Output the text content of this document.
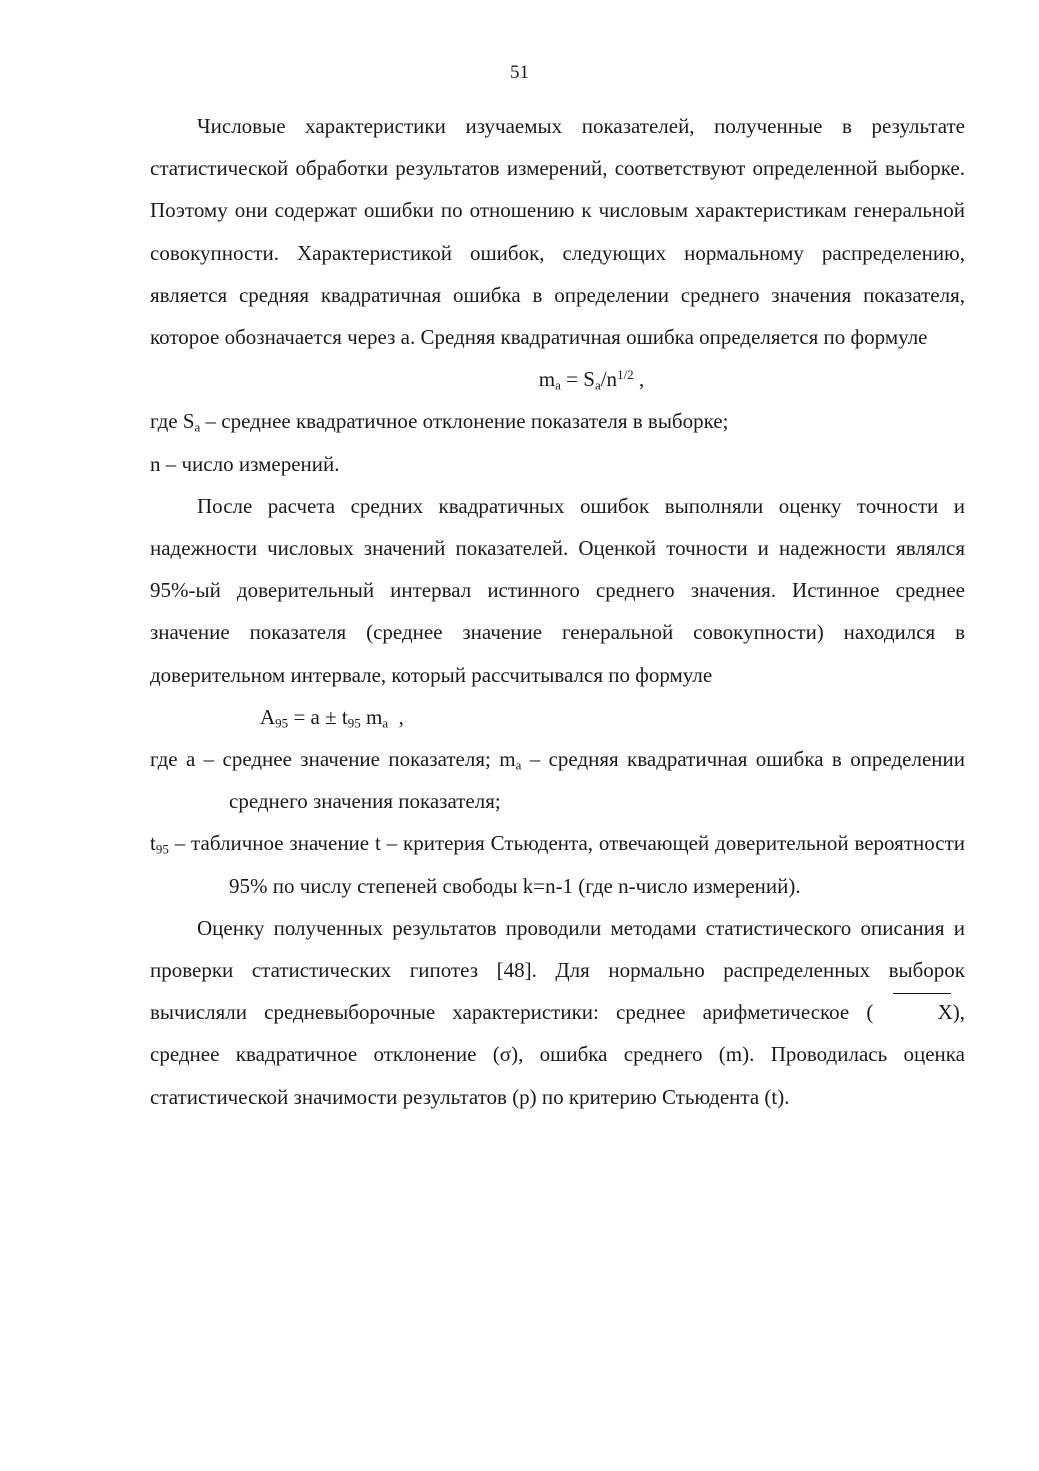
51

Числовые характеристики изучаемых показателей, полученные в результате статистической обработки результатов измерений, соответствуют определенной выборке. Поэтому они содержат ошибки по отношению к числовым характеристикам генеральной совокупности. Характеристикой ошибок, следующих нормальному распределению, является средняя квадратичная ошибка в определении среднего значения показателя, которое обозначается через а. Средняя квадратичная ошибка определяется по формуле

$m_a = S_a/n^{1/2}$ ,

где $S_a$ – среднее квадратичное отклонение показателя в выборке;

n – число измерений.

После расчета средних квадратичных ошибок выполняли оценку точности и надежности числовых значений показателей. Оценкой точности и надежности являлся 95%-ый доверительный интервал истинного среднего значения. Истинное среднее значение показателя (среднее значение генеральной совокупности) находился в доверительном интервале, который рассчитывался по формуле

$А_{95} = a \pm t_{95}$ $m_a$  ,

где а – среднее значение показателя; $m_a$ – средняя квадратичная ошибка в определении среднего значения показателя;

$t_{95}$ – табличное значение t – критерия Стьюдента, отвечающей доверительной вероятности 95% по числу степеней свободы k=n-1 (где n-число измерений).

Оценку полученных результатов проводили методами статистического описания и проверки статистических гипотез [48]. Для нормально распределенных выборок вычисляли средневыборочные характеристики: среднее арифметическое ( X), среднее квадратичное отклонение (σ), ошибка среднего (m). Проводилась оценка статистической значимости результатов (p) по критерию Стьюдента (t).
